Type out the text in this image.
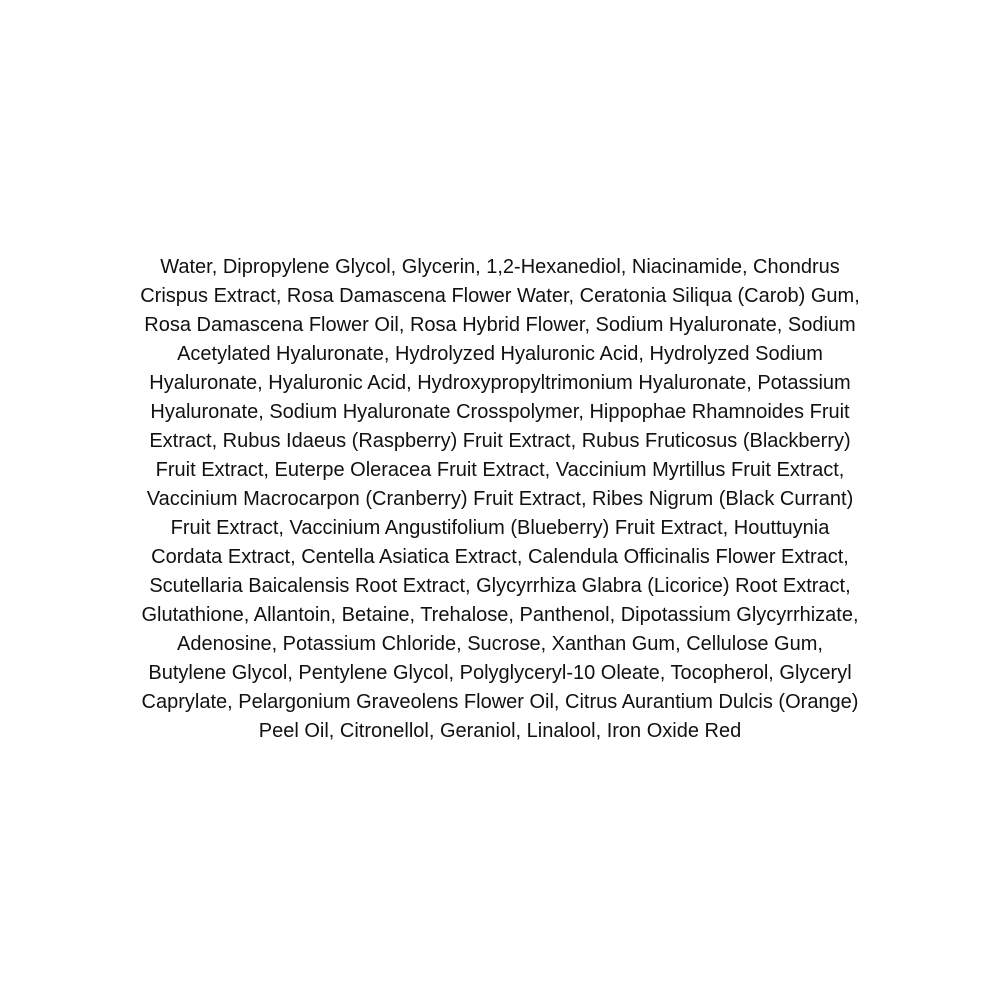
Water, Dipropylene Glycol, Glycerin, 1,2-Hexanediol, Niacinamide, Chondrus
Crispus Extract, Rosa Damascena Flower Water, Ceratonia Siliqua (Carob) Gum,
Rosa Damascena Flower Oil, Rosa Hybrid Flower, Sodium Hyaluronate, Sodium
Acetylated Hyaluronate, Hydrolyzed Hyaluronic Acid, Hydrolyzed Sodium
Hyaluronate, Hyaluronic Acid, Hydroxypropyltrimonium Hyaluronate, Potassium
Hyaluronate, Sodium Hyaluronate Crosspolymer, Hippophae Rhamnoides Fruit
Extract, Rubus Idaeus (Raspberry) Fruit Extract, Rubus Fruticosus (Blackberry)
Fruit Extract, Euterpe Oleracea Fruit Extract, Vaccinium Myrtillus Fruit Extract,
Vaccinium Macrocarpon (Cranberry) Fruit Extract, Ribes Nigrum (Black Currant)
Fruit Extract, Vaccinium Angustifolium (Blueberry) Fruit Extract, Houttuynia
Cordata Extract, Centella Asiatica Extract, Calendula Officinalis Flower Extract,
Scutellaria Baicalensis Root Extract, Glycyrrhiza Glabra (Licorice) Root Extract,
Glutathione, Allantoin, Betaine, Trehalose, Panthenol, Dipotassium Glycyrrhizate,
Adenosine, Potassium Chloride, Sucrose, Xanthan Gum, Cellulose Gum,
Butylene Glycol, Pentylene Glycol, Polyglyceryl-10 Oleate, Tocopherol, Glyceryl
Caprylate, Pelargonium Graveolens Flower Oil, Citrus Aurantium Dulcis (Orange)
Peel Oil, Citronellol, Geraniol, Linalool, Iron Oxide Red
